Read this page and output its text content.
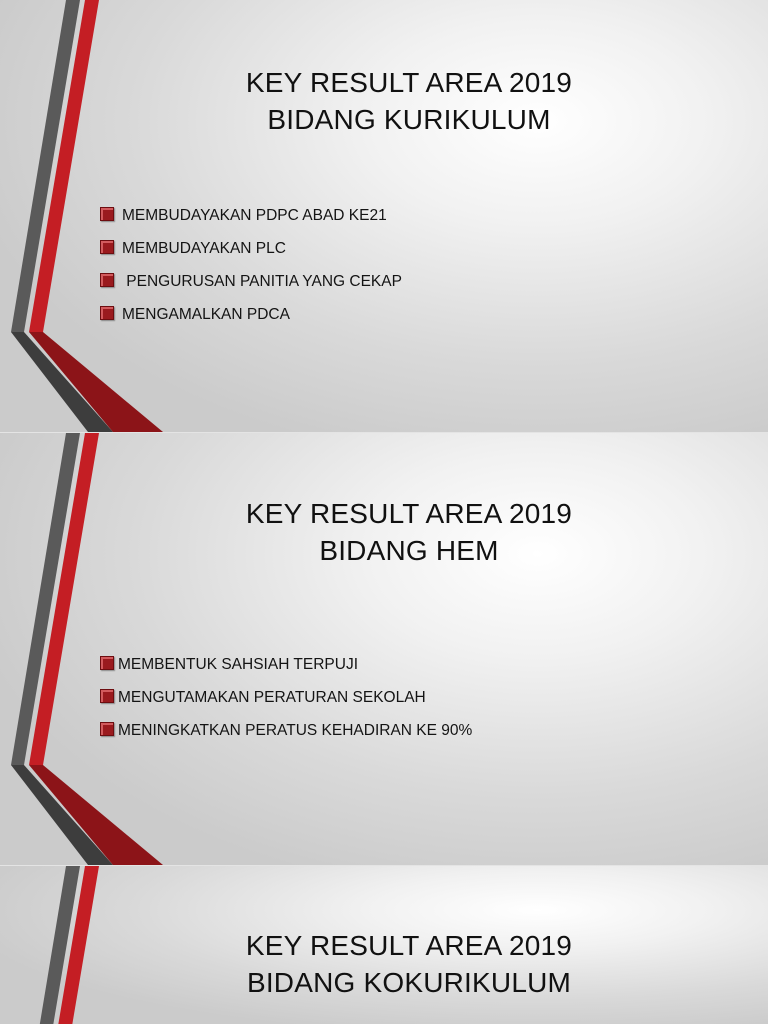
KEY RESULT AREA 2019
BIDANG KURIKULUM
MEMBUDAYAKAN PDPC ABAD KE21
MEMBUDAYAKAN PLC
PENGURUSAN PANITIA YANG CEKAP
MENGAMALKAN PDCA
KEY RESULT AREA 2019
BIDANG HEM
MEMBENTUK SAHSIAH TERPUJI
MENGUTAMAKAN PERATURAN SEKOLAH
MENINGKATKAN PERATUS KEHADIRAN KE 90%
KEY RESULT AREA 2019
BIDANG KOKURIKULUM
